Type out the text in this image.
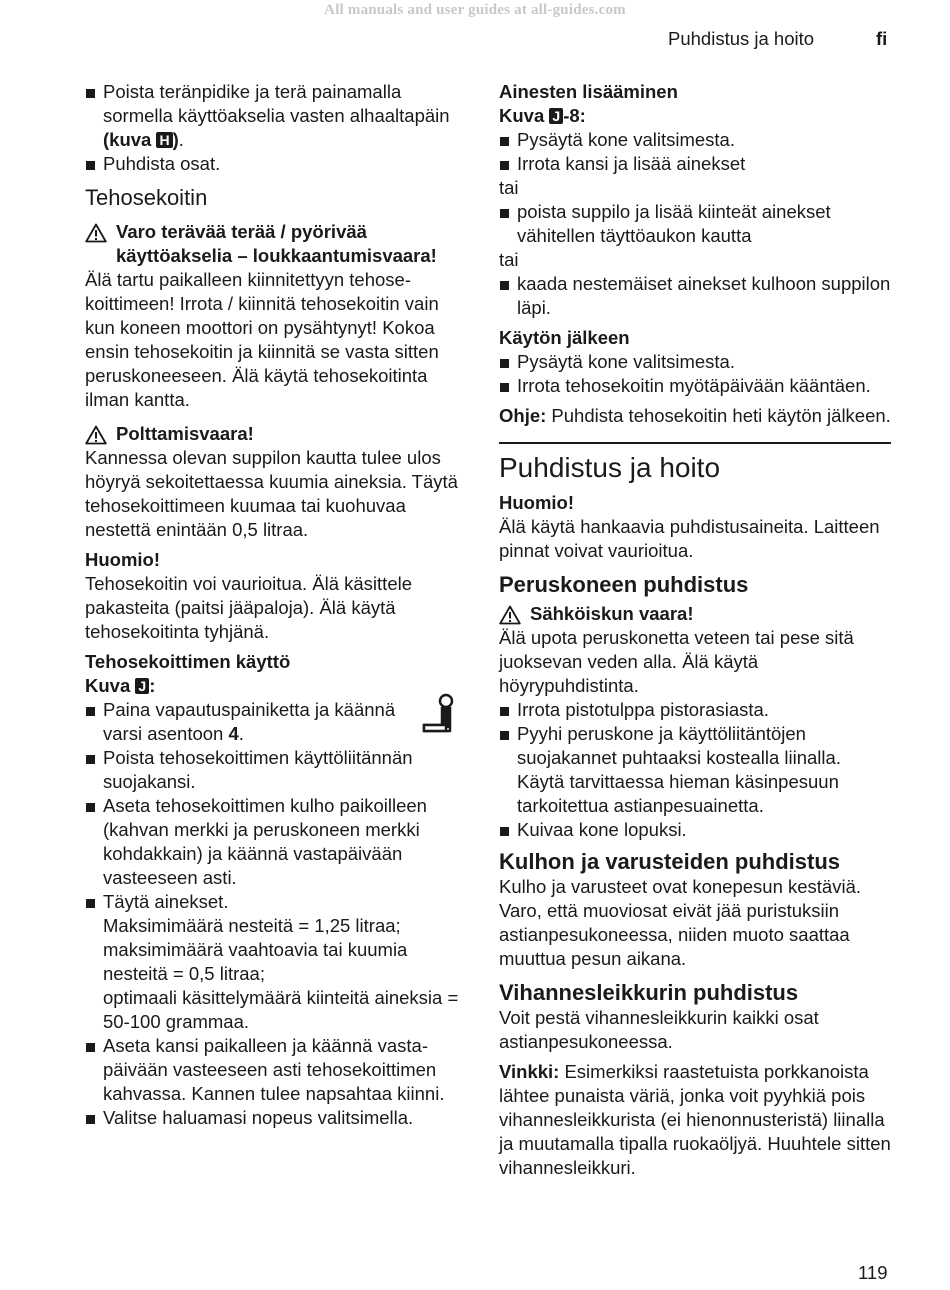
All manuals and user guides at all-guides.com
Puhdistus ja hoito	fi
Poista teränpidike ja terä painamalla sormella käyttöakselia vasten alhaaltapäin (kuva H ).
Puhdista osat.
Tehosekoitin
Varo terävää terää / pyörivää käyttöakselia – loukkaantumisvaara!

Älä tartu paikalleen kiinnitettyyn tehosekoittimeen! Irrota / kiinnitä tehosekoitin vain kun koneen moottori on pysähtynyt! Kokoa ensin tehosekoitin ja kiinnitä se vasta sitten peruskoneeseen. Älä käytä tehosekoitinta ilman kantta.

Polttamisvaara!

Kannessa olevan suppilon kautta tulee ulos höyryä sekoitettaessa kuumia aineksia. Täytä tehosekoittimeen kuumaa tai kuohuvaa nestettä enintään 0,5 litraa.

Huomio!

Tehosekoitin voi vaurioitua. Älä käsittele pakasteita (paitsi jääpaloja). Älä käytä tehosekoitinta tyhjänä.

Tehosekoittimen käyttö
Kuva J :
Paina vapautuspainiketta ja käännä varsi asentoon 4.
Poista tehosekoittimen käyttöliitännän suojakansi.
Aseta tehosekoittimen kulho paikoilleen (kahvan merkki ja peruskoneen merkki kohdakkain) ja käännä vastapäivään vasteeseen asti.
Täytä ainekset.
Maksimimäärä nesteitä = 1,25 litraa;
maksimimäärä vaahtoavia tai kuumia nesteitä = 0,5 litraa;
optimaali käsittelymäärä kiinteitä aineksia = 50-100 grammaa.
Aseta kansi paikalleen ja käännä vastapäivään vasteeseen asti tehosekoittimen kahvassa. Kannen tulee napsahtaa kiinni.
Valitse haluamasi nopeus valitsimella.
Ainesten lisääminen
Kuva J -8:
Pysäytä kone valitsimesta.
Irrota kansi ja lisää ainekset

tai

poista suppilo ja lisää kiinteät ainekset vähitellen täyttöaukon kautta

tai

kaada nestemäiset ainekset kulhoon suppilon läpi.
Käytön jälkeen
Pysäytä kone valitsimesta.
Irrota tehosekoitin myötäpäivään kääntäen.

Ohje: Puhdista tehosekoitin heti käytön jälkeen.

Puhdistus ja hoito
Huomio!

Älä käytä hankaavia puhdistusaineita. Laitteen pinnat voivat vaurioitua.

Peruskoneen puhdistus
Sähköiskun vaara!

Älä upota peruskonetta veteen tai pese sitä juoksevan veden alla. Älä käytä höyrypuhdistinta.

Irrota pistotulppa pistorasiasta.
Pyyhi peruskone ja käyttöliitäntöjen suojakannet puhtaaksi kostealla liinalla. Käytä tarvittaessa hieman käsinpesuun tarkoitettua astianpesuainetta.
Kuivaa kone lopuksi.
Kulhon ja varusteiden puhdistus

Kulho ja varusteet ovat konepesun kestäviä. Varo, että muoviosat eivät jää puristuksiin astianpesukoneessa, niiden muoto saattaa muuttua pesun aikana.

Vihannesleikkurin puhdistus

Voit pestä vihannesleikkurin kaikki osat astianpesukoneessa.

Vinkki: Esimerkiksi raastetuista porkkanoista lähtee punaista väriä, jonka voit pyyhkiä pois vihannesleikkurista (ei hienonnusteristä) liinalla ja muutamalla tipalla ruokaöljyä. Huuhtele sitten vihannesleikkuri.

119
